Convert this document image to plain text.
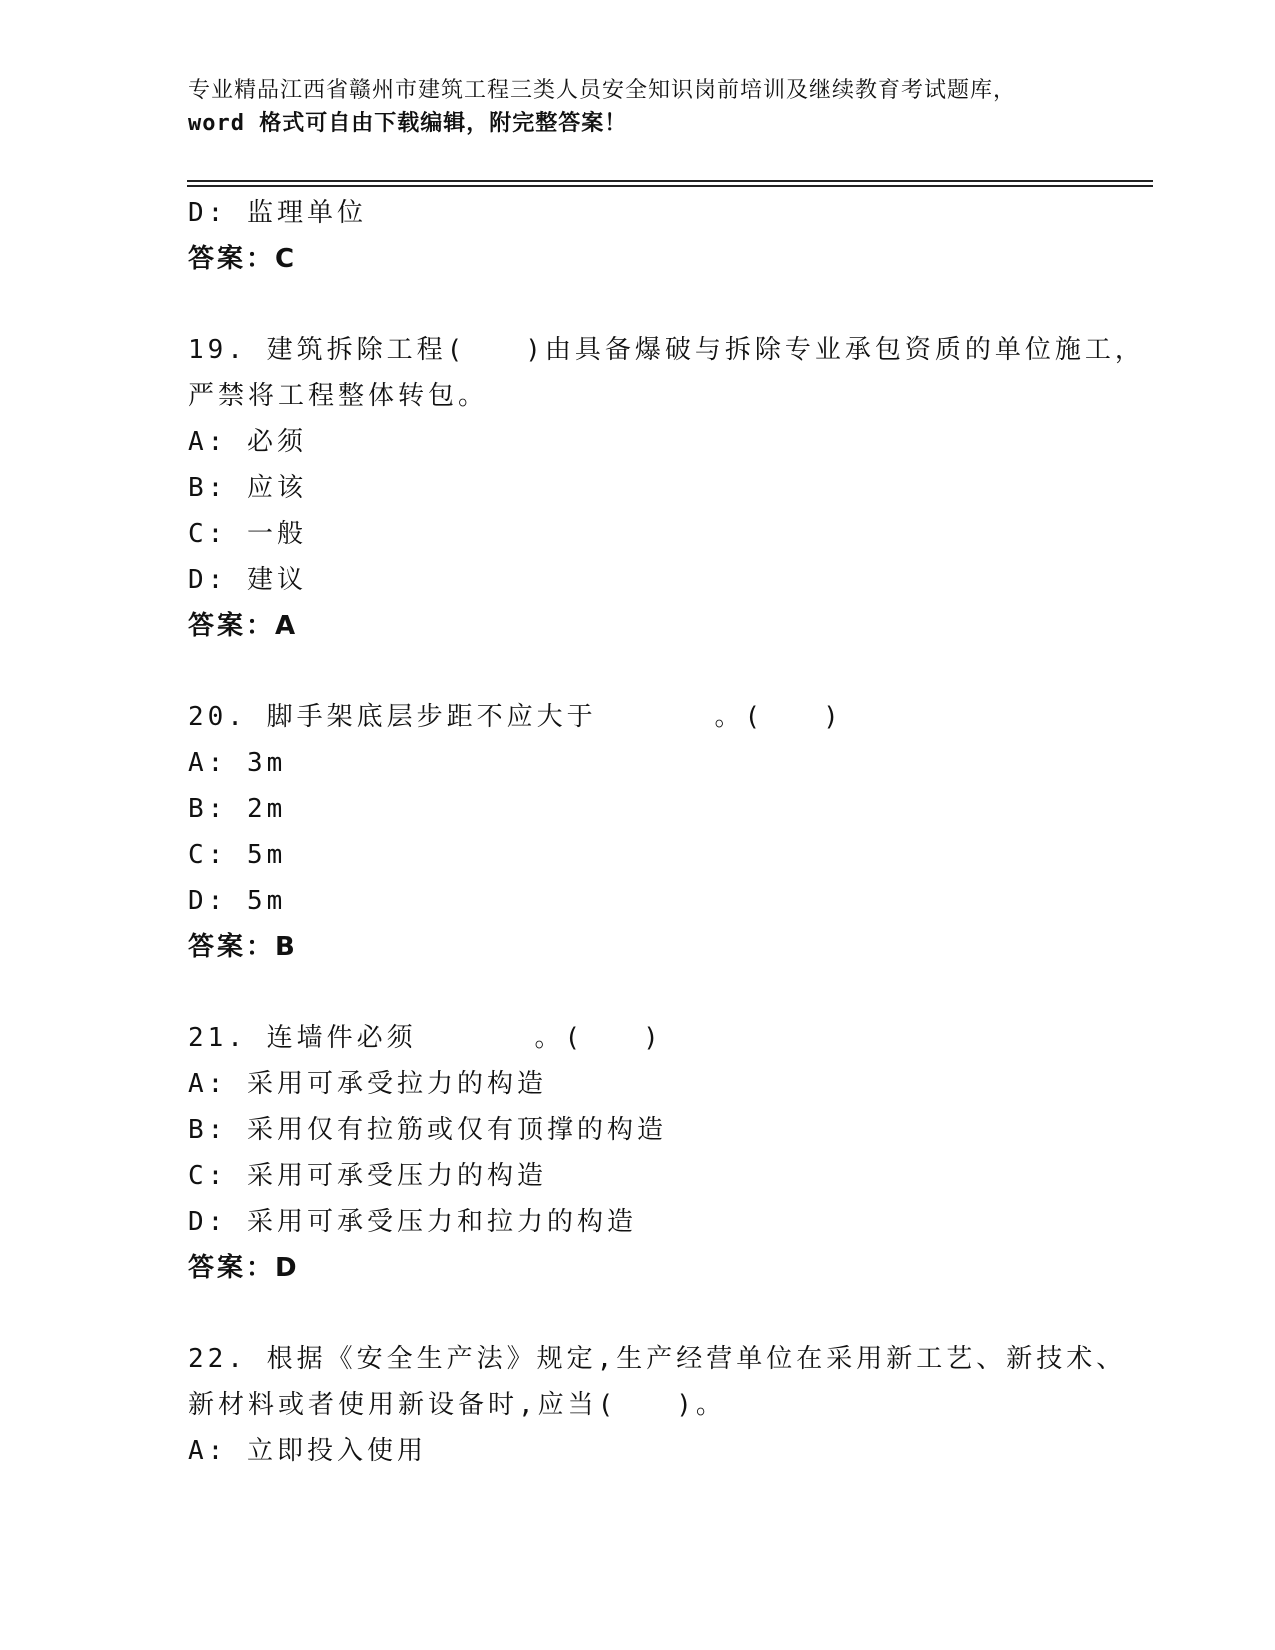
专业精品江西省赣州市建筑工程三类人员安全知识岗前培训及继续教育考试题库，
word 格式可自由下载编辑，附完整答案！
D: 监理单位
答案：C
19. 建筑拆除工程(   )由具备爆破与拆除专业承包资质的单位施工，
严禁将工程整体转包。
A: 必须
B: 应该
C: 一般
D: 建议
答案：A
20. 脚手架底层步距不应大于      。(   )
A: 3m
B: 2m
C: 5m
D: 5m
答案：B
21. 连墙件必须      。(   )
A: 采用可承受拉力的构造
B: 采用仅有拉筋或仅有顶撑的构造
C: 采用可承受压力的构造
D: 采用可承受压力和拉力的构造
答案：D
22. 根据《安全生产法》规定,生产经营单位在采用新工艺、新技术、
新材料或者使用新设备时,应当(   )。
A: 立即投入使用
